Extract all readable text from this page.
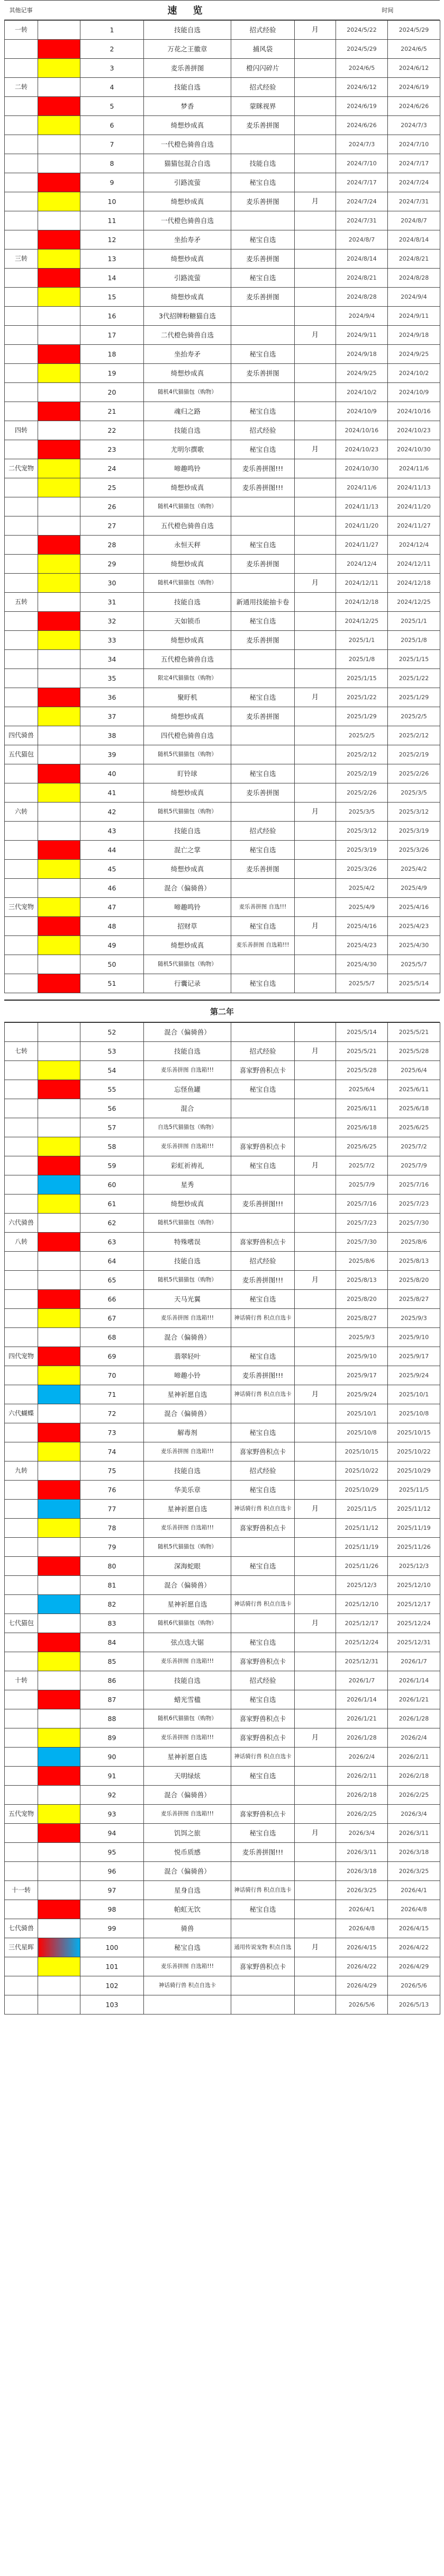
其他记事	速　览	时间
一转		1	技能自选	招式经验	月	2024/5/22	2024/5/29
		2	万花之王徽章	捕风袋		2024/5/29	2024/6/5
		3	麦乐善拼图	橙闪闪碎片		2024/6/5	2024/6/12
二转		4	技能自选	招式经验		2024/6/12	2024/6/19
		5	梦香	蒙眯视界		2024/6/19	2024/6/26
		6	绮想炒成真	麦乐善拼图		2024/6/26	2024/7/3
		7	一代橙色骑兽自选			2024/7/3	2024/7/10
		8	猫猫包混合自选	技能自选		2024/7/10	2024/7/17
		9	引路流萤	秘宝自选		2024/7/17	2024/7/24
		10	绮想炒成真	麦乐善拼图	月	2024/7/24	2024/7/31
		11	一代橙色骑兽自选			2024/7/31	2024/8/7
		12	坐抬寿矛	秘宝自选		2024/8/7	2024/8/14
三转		13	绮想炒成真	麦乐善拼图		2024/8/14	2024/8/21
		14	引路流萤	秘宝自选		2024/8/21	2024/8/28
		15	绮想炒成真	麦乐善拼图		2024/8/28	2024/9/4
		16	3代招牌粉糖猫自选			2024/9/4	2024/9/11
		17	二代橙色骑兽自选		月	2024/9/11	2024/9/18
		18	坐抬寿矛	秘宝自选		2024/9/18	2024/9/25
		19	绮想炒成真	麦乐善拼图		2024/9/25	2024/10/2
		20	随机4代猫猫包（购物）			2024/10/2	2024/10/9
		21	魂归之路	秘宝自选		2024/10/9	2024/10/16
四转		22	技能自选	招式经验		2024/10/16	2024/10/23
		23	尤明尔撰歌	秘宝自选	月	2024/10/23	2024/10/30
二代宠物		24	啼趣鸣铃	麦乐善拼图!!!		2024/10/30	2024/11/6
		25	绮想炒成真	麦乐善拼图!!!		2024/11/6	2024/11/13
		26	随机4代猫猫包（购物）			2024/11/13	2024/11/20
		27	五代橙色骑兽自选			2024/11/20	2024/11/27
		28	永恒天秤	秘宝自选		2024/11/27	2024/12/4
		29	绮想炒成真	麦乐善拼图		2024/12/4	2024/12/11
		30	随机4代猫猫包（购物）		月	2024/12/11	2024/12/18
五转		31	技能自选	新通用技能抽卡卷		2024/12/18	2024/12/25
		32	天如锁币	秘宝自选		2024/12/25	2025/1/1
		33	绮想炒成真	麦乐善拼图		2025/1/1	2025/1/8
		34	五代橙色骑兽自选			2025/1/8	2025/1/15
		35	限定4代猫猫包（购物）			2025/1/15	2025/1/22
		36	聚盱机	秘宝自选	月	2025/1/22	2025/1/29
		37	绮想炒成真	麦乐善拼图		2025/1/29	2025/2/5
四代骑兽		38	四代橙色骑兽自选			2025/2/5	2025/2/12
五代猫包		39	随机5代猫猫包（购物）			2025/2/12	2025/2/19
		40	盯铃球	秘宝自选		2025/2/19	2025/2/26
		41	绮想炒成真	麦乐善拼图		2025/2/26	2025/3/5
六转		42	随机5代猫猫包（购物）		月	2025/3/5	2025/3/12
		43	技能自选	招式经验		2025/3/12	2025/3/19
		44	混亡之掌	秘宝自选		2025/3/19	2025/3/26
		45	绮想炒成真	麦乐善拼图		2025/3/26	2025/4/2
		46	混合（偏骑兽）			2025/4/2	2025/4/9
三代宠物		47	啼趣鸣铃	麦乐善拼图 自选!!!		2025/4/9	2025/4/16
		48	招财草	秘宝自选	月	2025/4/16	2025/4/23
		49	绮想炒成真	麦乐善拼图 自选箱!!!		2025/4/23	2025/4/30
		50	随机5代猫猫包（购物）			2025/4/30	2025/5/7
		51	行囊记录	秘宝自选		2025/5/7	2025/5/14
第二年
		52	混合（偏骑兽）			2025/5/14	2025/5/21
七转		53	技能自选	招式经验	月	2025/5/21	2025/5/28
		54	麦乐善拼图 自选箱!!!	喜家野兽积点卡		2025/5/28	2025/6/4
		55	忘怪鱼罐	秘宝自选		2025/6/4	2025/6/11
		56	混合			2025/6/11	2025/6/18
		57	自选5代猫猫包（购物）			2025/6/18	2025/6/25
		58	麦乐善拼图 自选箱!!!	喜家野兽积点卡		2025/6/25	2025/7/2
		59	彩虹祈祷礼	秘宝自选	月	2025/7/2	2025/7/9
		60	星秀			2025/7/9	2025/7/16
		61	绮想炒成真	麦乐善拼图!!!		2025/7/16	2025/7/23
六代骑兽		62	随机5代猫猫包（购物）			2025/7/23	2025/7/30
八转		63	特殊嗜误	喜家野兽积点卡		2025/7/30	2025/8/6
		64	技能自选	招式经验		2025/8/6	2025/8/13
		65	随机5代猫猫包（购物）	麦乐善拼图!!!	月	2025/8/13	2025/8/20
		66	天马光翼	秘宝自选		2025/8/20	2025/8/27
		67	麦乐善拼图 自选箱!!!	神话骑行兽 积点自选卡		2025/8/27	2025/9/3
		68	混合（偏骑兽）			2025/9/3	2025/9/10
四代宠物		69	翡翠轻叶	秘宝自选		2025/9/10	2025/9/17
		70	啼趣小铃	麦乐善拼图!!!		2025/9/17	2025/9/24
		71	星神祈愿自选	神话骑行兽 积点自选卡	月	2025/9/24	2025/10/1
六代蝴蝶		72	混合（偏骑兽）			2025/10/1	2025/10/8
		73	解毒剂	秘宝自选		2025/10/8	2025/10/15
		74	麦乐善拼图 自选箱!!!	喜家野兽积点卡		2025/10/15	2025/10/22
九转		75	技能自选	招式经验		2025/10/22	2025/10/29
		76	华美乐章	秘宝自选		2025/10/29	2025/11/5
		77	星神祈愿自选	神话骑行兽 积点自选卡	月	2025/11/5	2025/11/12
		78	麦乐善拼图 自选箱!!!	喜家野兽积点卡		2025/11/12	2025/11/19
		79	随机5代猫猫包（购物）			2025/11/19	2025/11/26
		80	深海蛇眼	秘宝自选		2025/11/26	2025/12/3
		81	混合（偏骑兽）			2025/12/3	2025/12/10
		82	星神祈愿自选	神话骑行兽 积点自选卡		2025/12/10	2025/12/17
七代猫包		83	随机6代猫猫包（购物）		月	2025/12/17	2025/12/24
		84	弦点选大锯	秘宝自选		2025/12/24	2025/12/31
		85	麦乐善拼图 自选箱!!!	喜家野兽积点卡		2025/12/31	2026/1/7
十转		86	技能自选	招式经验		2026/1/7	2026/1/14
		87	蜡光雪楹	秘宝自选		2026/1/14	2026/1/21
		88	随机6代猫猫包（购物）	喜家野兽积点卡		2026/1/21	2026/1/28
		89	麦乐善拼图 自选箱!!!	喜家野兽积点卡	月	2026/1/28	2026/2/4
		90	星神祈愿自选	神话骑行兽 积点自选卡		2026/2/4	2026/2/11
		91	天明绿炫	秘宝自选		2026/2/11	2026/2/18
		92	混合（偏骑兽）			2026/2/18	2026/2/25
五代宠物		93	麦乐善拼图 自选箱!!!	喜家野兽积点卡		2026/2/25	2026/3/4
		94	饥饵之旅	秘宝自选	月	2026/3/4	2026/3/11
		95	悦币质感	麦乐善拼图!!!		2026/3/11	2026/3/18
		96	混合（偏骑兽）			2026/3/18	2026/3/25
十一转		97	星身自选	神话骑行兽 积点自选卡		2026/3/25	2026/4/1
		98	帕虹无饮	秘宝自选		2026/4/1	2026/4/8
七代骑兽		99	骑兽			2026/4/8	2026/4/15
三代星晖		100	秘宝自选	通用传说宠物 积点自选	月	2026/4/15	2026/4/22
		101	麦乐善拼图 自选箱!!!	喜家野兽积点卡		2026/4/22	2026/4/29
		102	神话骑行兽 积点自选卡			2026/4/29	2026/5/6
		103				2026/5/6	2026/5/13
